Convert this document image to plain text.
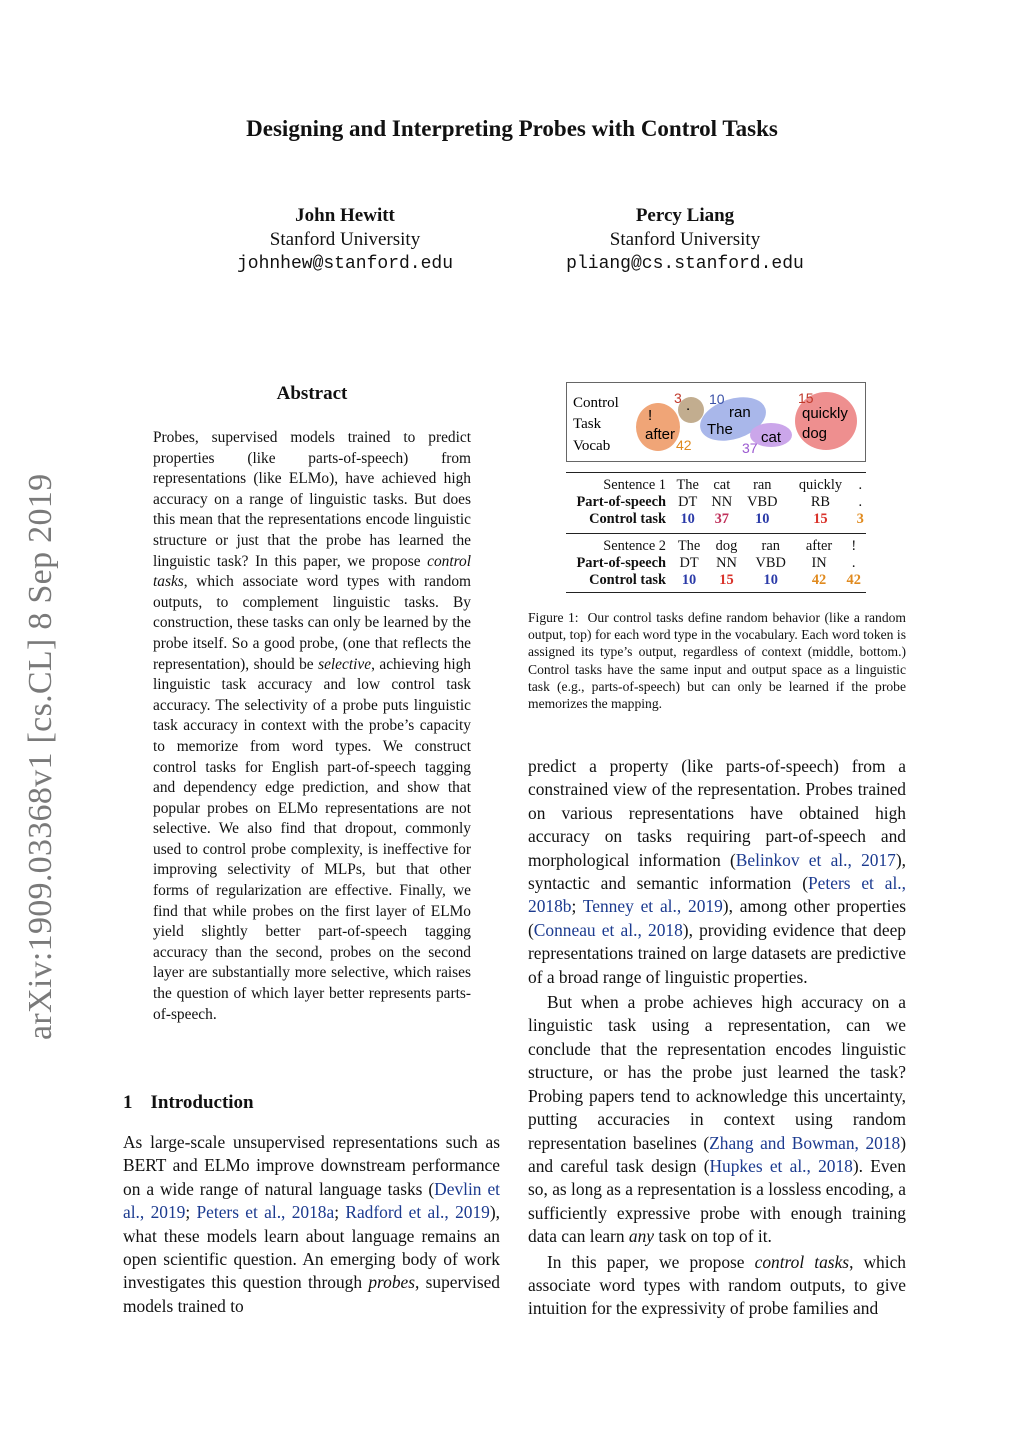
arXiv:1909.03368v1 [cs.CL] 8 Sep 2019
Designing and Interpreting Probes with Control Tasks
John Hewitt
Stanford University
johnhew@stanford.edu
Percy Liang
Stanford University
pliang@cs.stanford.edu
Abstract
Probes, supervised models trained to predict properties (like parts-of-speech) from representations (like ELMo), have achieved high accuracy on a range of linguistic tasks. But does this mean that the representations encode linguistic structure or just that the probe has learned the linguistic task? In this paper, we propose control tasks, which associate word types with random outputs, to complement linguistic tasks. By construction, these tasks can only be learned by the probe itself. So a good probe, (one that reflects the representation), should be selective, achieving high linguistic task accuracy and low control task accuracy. The selectivity of a probe puts linguistic task accuracy in context with the probe’s capacity to memorize from word types. We construct control tasks for English part-of-speech tagging and dependency edge prediction, and show that popular probes on ELMo representations are not selective. We also find that dropout, commonly used to control probe complexity, is ineffective for improving selectivity of MLPs, but that other forms of regularization are effective. Finally, we find that while probes on the first layer of ELMo yield slightly better part-of-speech tagging accuracy than the second, probes on the second layer are substantially more selective, which raises the question of which layer better represents parts-of-speech.
1 Introduction

As large-scale unsupervised representations such as BERT and ELMo improve downstream performance on a wide range of natural language tasks (Devlin et al., 2019; Peters et al., 2018a; Radford et al., 2019), what these models learn about language remains an open scientific question. An emerging body of work investigates this question through probes, supervised models trained to

Control
Task
Vocab
!
after
.	ran
The cat
quickly
dog
3 10	15
42	37
Sentence 1	The	cat	ran	quickly	.
Part-of-speech	DT	NN	VBD	RB	.
Control task	10	37	10	15	3
Sentence 2	The	dog	ran	after	!
Part-of-speech	DT	NN	VBD	IN	.
Control task	10	15	10	42	42
Figure 1: Our control tasks define random behavior (like a random output, top) for each word type in the vocabulary. Each word token is assigned its type’s output, regardless of context (middle, bottom.) Control tasks have the same input and output space as a linguistic task (e.g., parts-of-speech) but can only be learned if the probe memorizes the mapping.

predict a property (like parts-of-speech) from a constrained view of the representation. Probes trained on various representations have obtained high accuracy on tasks requiring part-of-speech and morphological information (Belinkov et al., 2017), syntactic and semantic information (Peters et al., 2018b; Tenney et al., 2019), among other properties (Conneau et al., 2018), providing evidence that deep representations trained on large datasets are predictive of a broad range of linguistic properties.

But when a probe achieves high accuracy on a linguistic task using a representation, can we conclude that the representation encodes linguistic structure, or has the probe just learned the task? Probing papers tend to acknowledge this uncertainty, putting accuracies in context using random representation baselines (Zhang and Bowman, 2018) and careful task design (Hupkes et al., 2018). Even so, as long as a representation is a lossless encoding, a sufficiently expressive probe with enough training data can learn any task on top of it.

In this paper, we propose control tasks, which associate word types with random outputs, to give intuition for the expressivity of probe families and
